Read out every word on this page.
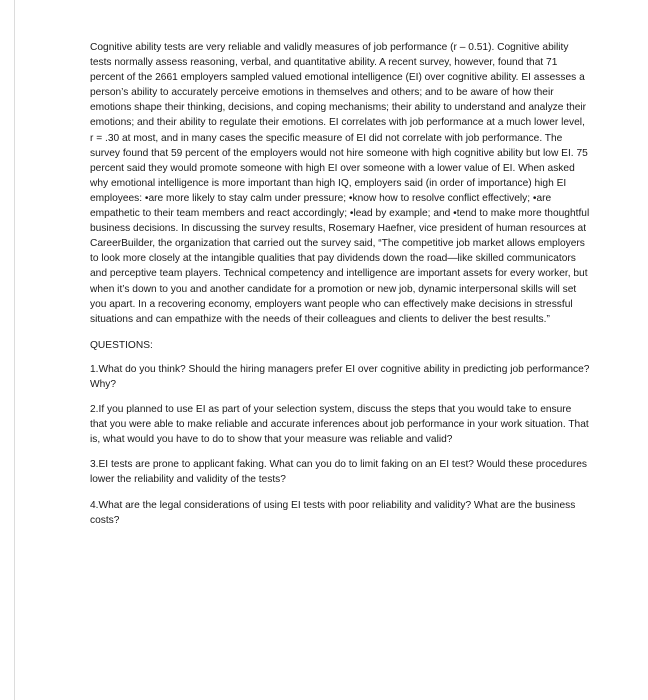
Cognitive ability tests are very reliable and validly measures of job performance (r – 0.51). Cognitive ability tests normally assess reasoning, verbal, and quantitative ability. A recent survey, however, found that 71 percent of the 2661 employers sampled valued emotional intelligence (EI) over cognitive ability. EI assesses a person’s ability to accurately perceive emotions in themselves and others; and to be aware of how their emotions shape their thinking, decisions, and coping mechanisms; their ability to understand and analyze their emotions; and their ability to regulate their emotions. EI correlates with job performance at a much lower level, r = .30 at most, and in many cases the specific measure of EI did not correlate with job performance. The survey found that 59 percent of the employers would not hire someone with high cognitive ability but low EI. 75 percent said they would promote someone with high EI over someone with a lower value of EI. When asked why emotional intelligence is more important than high IQ, employers said (in order of importance) high EI employees: •are more likely to stay calm under pressure; •know how to resolve conflict effectively; •are empathetic to their team members and react accordingly; •lead by example; and •tend to make more thoughtful business decisions. In discussing the survey results, Rosemary Haefner, vice president of human resources at CareerBuilder, the organization that carried out the survey said, “The competitive job market allows employers to look more closely at the intangible qualities that pay dividends down the road—like skilled communicators and perceptive team players. Technical competency and intelligence are important assets for every worker, but when it’s down to you and another candidate for a promotion or new job, dynamic interpersonal skills will set you apart. In a recovering economy, employers want people who can effectively make decisions in stressful situations and can empathize with the needs of their colleagues and clients to deliver the best results.”

QUESTIONS:

1.What do you think? Should the hiring managers prefer EI over cognitive ability in predicting job performance? Why?

2.If you planned to use EI as part of your selection system, discuss the steps that you would take to ensure that you were able to make reliable and accurate inferences about job performance in your work situation. That is, what would you have to do to show that your measure was reliable and valid?

3.EI tests are prone to applicant faking. What can you do to limit faking on an EI test? Would these procedures lower the reliability and validity of the tests?

4.What are the legal considerations of using EI tests with poor reliability and validity? What are the business costs?
